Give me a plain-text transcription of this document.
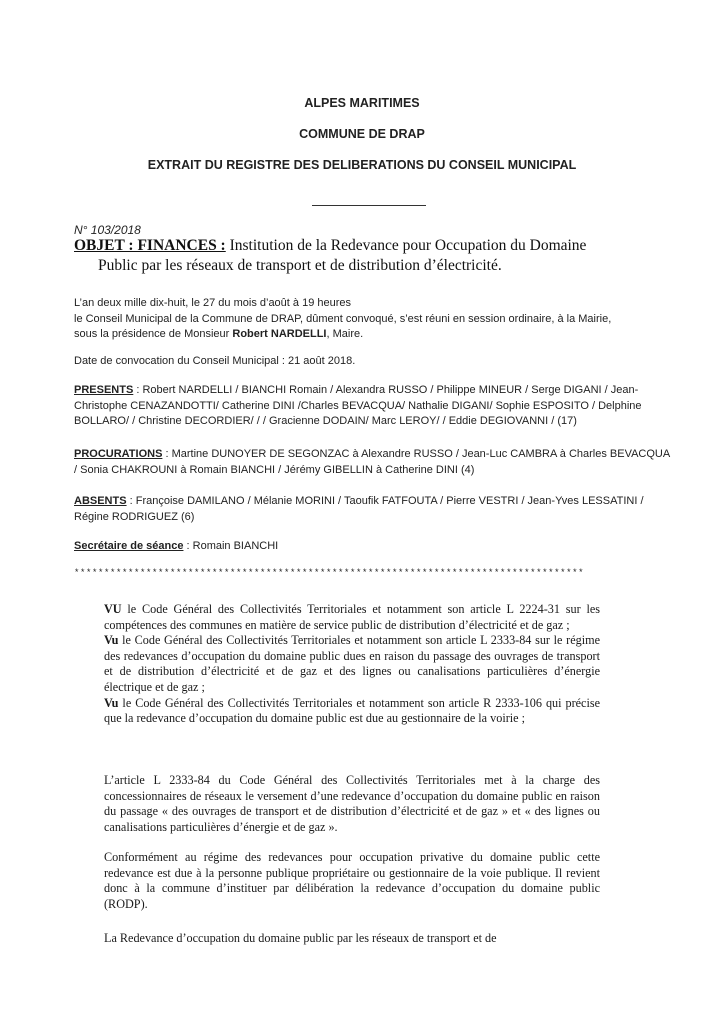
ALPES MARITIMES
COMMUNE DE DRAP
EXTRAIT DU REGISTRE DES DELIBERATIONS DU CONSEIL MUNICIPAL
N° 103/2018

OBJET : FINANCES : Institution de la Redevance pour Occupation du Domaine
Public par les réseaux de transport et de distribution d’électricité.

L’an deux mille dix-huit, le 27 du mois d’août à 19 heures
le Conseil Municipal de la Commune de DRAP, dûment convoqué, s’est réuni en session ordinaire, à la Mairie,
sous la présidence de Monsieur Robert NARDELLI, Maire.

Date de convocation du Conseil Municipal : 21 août 2018.

PRESENTS : Robert NARDELLI / BIANCHI Romain / Alexandra RUSSO / Philippe MINEUR / Serge DIGANI / Jean-Christophe CENAZANDOTTI/ Catherine DINI /Charles BEVACQUA/ Nathalie DIGANI/ Sophie ESPOSITO / Delphine BOLLARO/ / Christine DECORDIER/ / / Gracienne DODAIN/ Marc LEROY/ / Eddie DEGIOVANNI / (17)

PROCURATIONS : Martine DUNOYER DE SEGONZAC à Alexandre RUSSO / Jean-Luc CAMBRA à Charles BEVACQUA / Sonia CHAKROUNI à Romain BIANCHI / Jérémy GIBELLIN à Catherine DINI (4)

ABSENTS : Françoise DAMILANO / Mélanie MORINI / Taoufik FATFOUTA / Pierre VESTRI / Jean-Yves LESSATINI / Régine RODRIGUEZ (6)

Secrétaire de séance : Romain BIANCHI

*************************************************************************************
VU le Code Général des Collectivités Territoriales et notamment son article L 2224-31 sur les compétences des communes en matière de service public de distribution d’électricité et de gaz ;
Vu le Code Général des Collectivités Territoriales et notamment son article L 2333-84 sur le régime des redevances d’occupation du domaine public dues en raison du passage des ouvrages de transport et de distribution d’électricité et de gaz et des lignes ou canalisations particulières d’énergie électrique et de gaz ;
Vu le Code Général des Collectivités Territoriales et notamment son article R 2333-106 qui précise que la redevance d’occupation du domaine public est due au gestionnaire de la voirie ;

L’article L 2333-84 du Code Général des Collectivités Territoriales met à la charge des concessionnaires de réseaux le versement d’une redevance d’occupation du domaine public en raison du passage « des ouvrages de transport et de distribution d’électricité et de gaz » et « des lignes ou canalisations particulières d’énergie et de gaz ».

Conformément au régime des redevances pour occupation privative du domaine public cette redevance est due à la personne publique propriétaire ou gestionnaire de la voie publique. Il revient donc à la commune d’instituer par délibération la redevance d’occupation du domaine public (RODP).

La Redevance d’occupation du domaine public par les réseaux de transport et de
